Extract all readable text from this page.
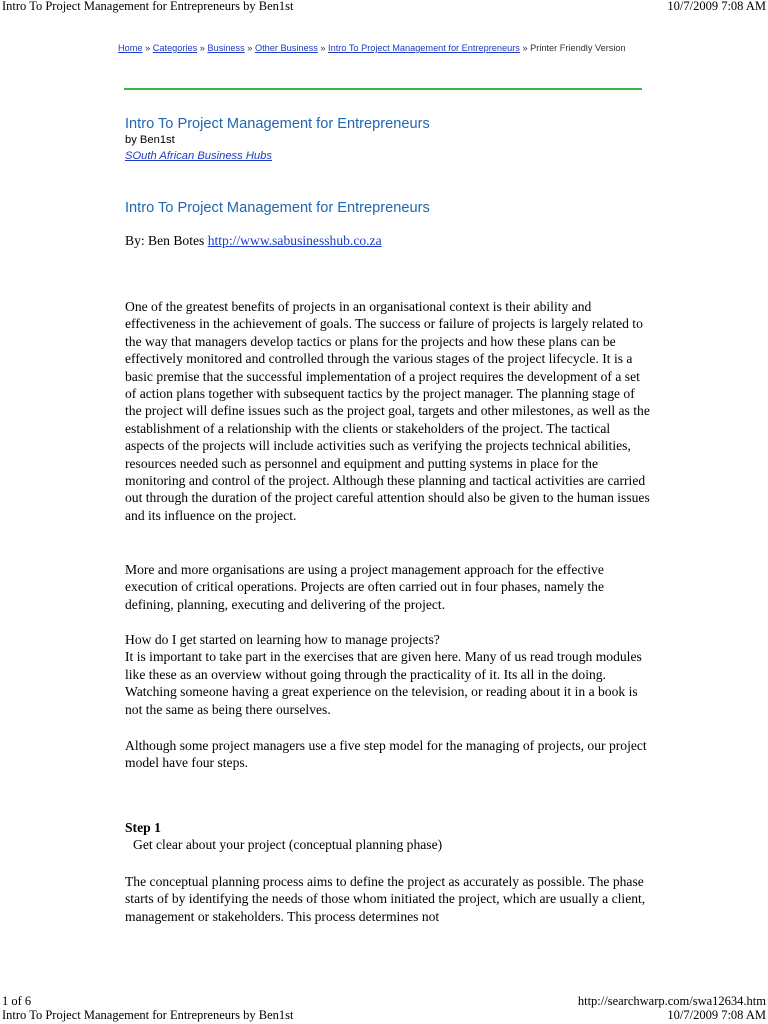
Intro To Project Management for Entrepreneurs by Ben1st	10/7/2009 7:08 AM
Home » Categories » Business » Other Business » Intro To Project Management for Entrepreneurs » Printer Friendly Version
Intro To Project Management for Entrepreneurs
by Ben1st
SOuth African Business Hubs
Intro To Project Management for Entrepreneurs
By: Ben Botes http://www.sabusinesshub.co.za

One of the greatest benefits of projects in an organisational context is their ability and effectiveness in the achievement of goals. The success or failure of projects is largely related to the way that managers develop tactics or plans for the projects and how these plans can be effectively monitored and controlled through the various stages of the project lifecycle. It is a basic premise that the successful implementation of a project requires the development of a set of action plans together with subsequent tactics by the project manager. The planning stage of the project will define issues such as the project goal, targets and other milestones, as well as the establishment of a relationship with the clients or stakeholders of the project. The tactical aspects of the projects will include activities such as verifying the projects technical abilities, resources needed such as personnel and equipment and putting systems in place for the monitoring and control of the project. Although these planning and tactical activities are carried out through the duration of the project careful attention should also be given to the human issues and its influence on the project.

More and more organisations are using a project management approach for the effective execution of critical operations. Projects are often carried out in four phases, namely the defining, planning, executing and delivering of the project.

How do I get started on learning how to manage projects?

It is important to take part in the exercises that are given here. Many of us read trough modules like these as an overview without going through the practicality of it. Its all in the doing. Watching someone having a great experience on the television, or reading about it in a book is not the same as being there ourselves.

Although some project managers use a five step model for the managing of projects, our project model have four steps.

Step 1
Get clear about your project (conceptual planning phase)

The conceptual planning process aims to define the project as accurately as possible. The phase starts of by identifying the needs of those whom initiated the project, which are usually a client, management or stakeholders. This process determines not

1 of 6	http://searchwarp.com/swa12634.htm
Intro To Project Management for Entrepreneurs by Ben1st	10/7/2009 7:08 AM
